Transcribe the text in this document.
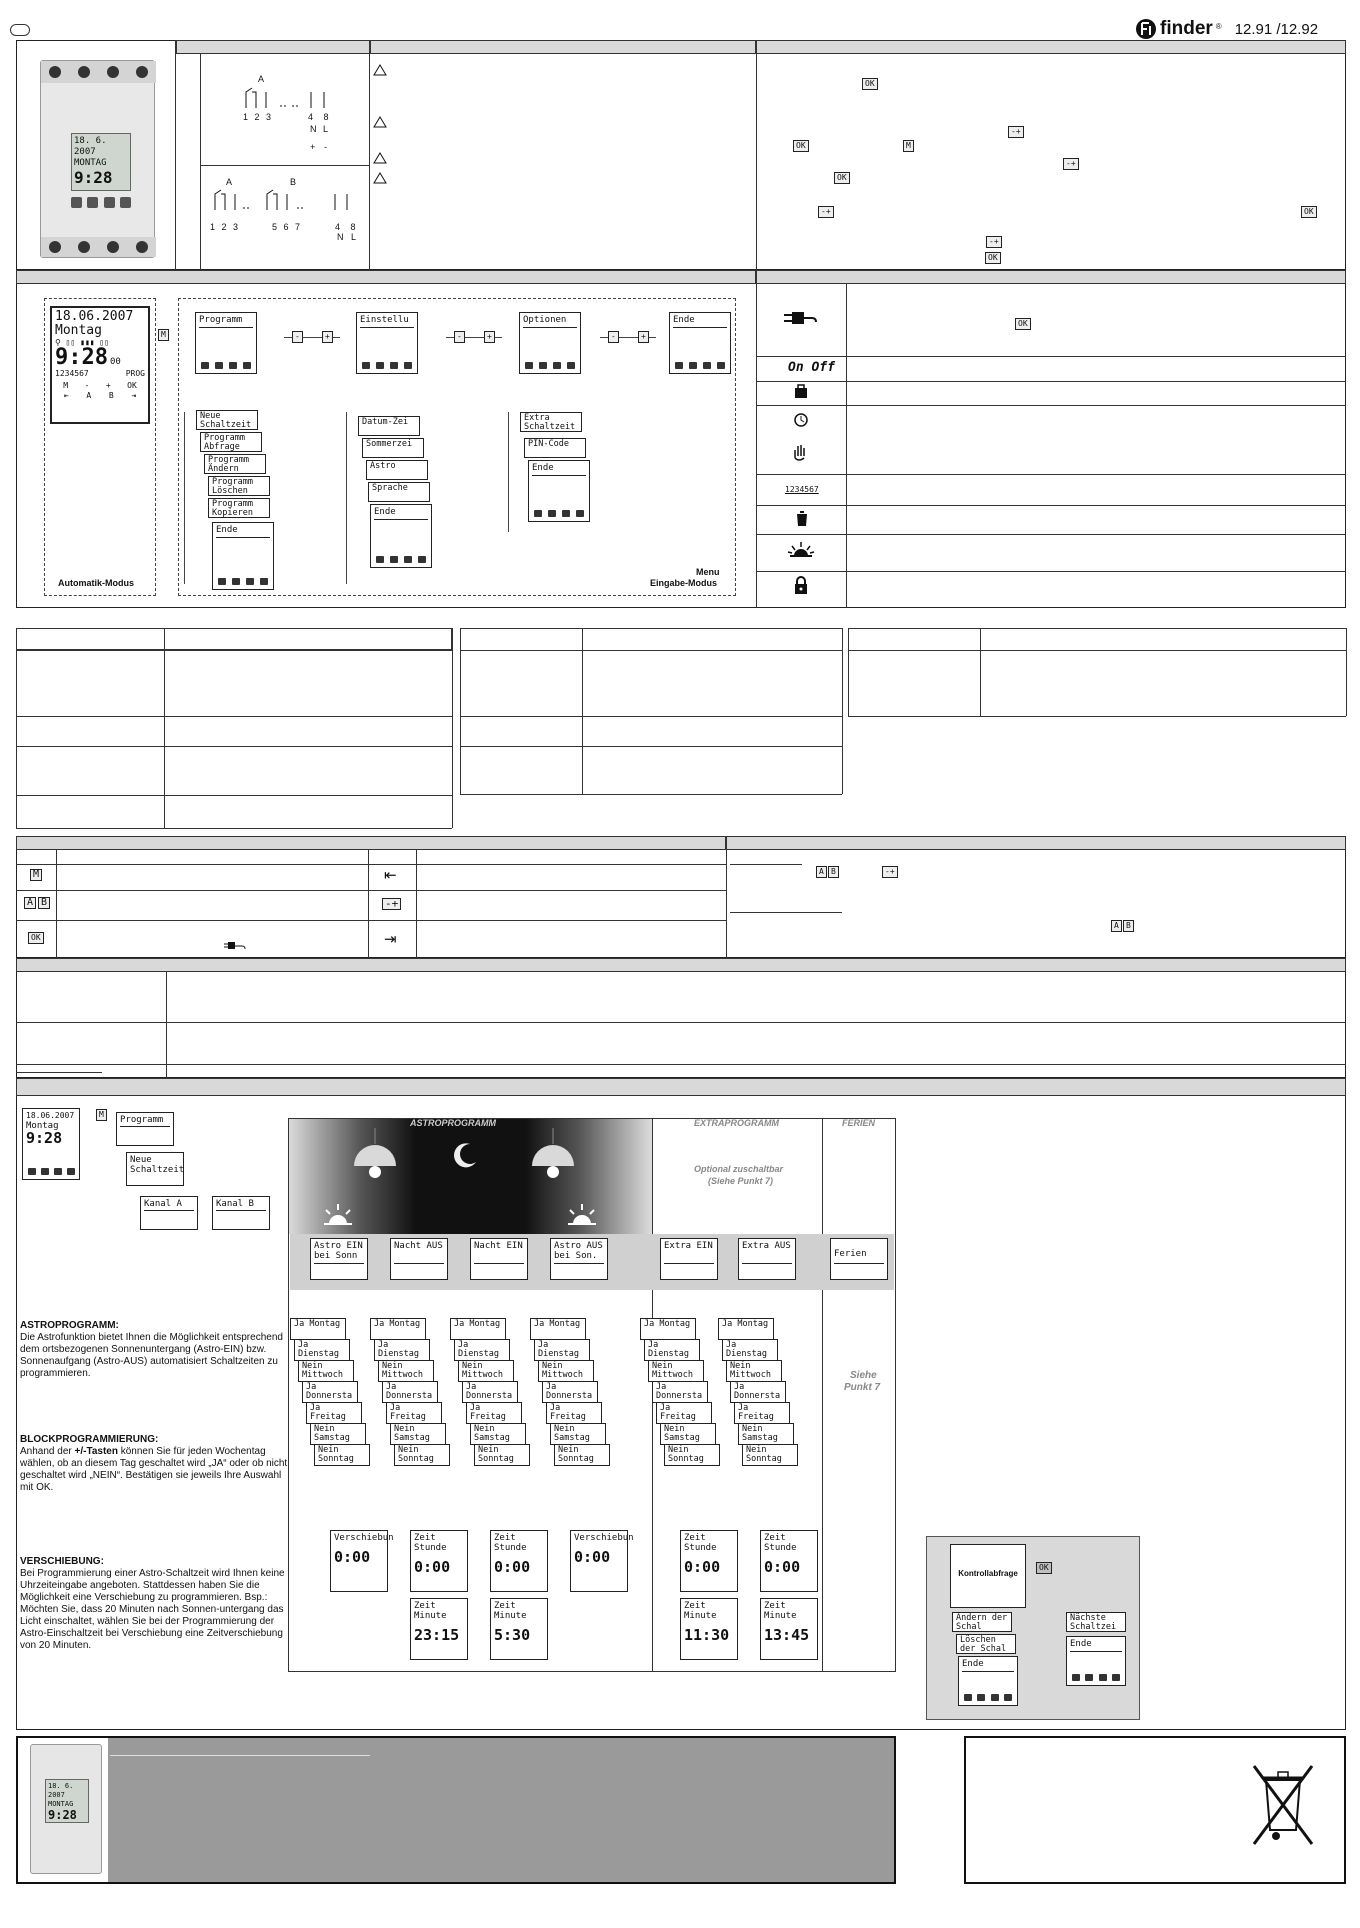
finder ® 12.91 /12.92
18. 6. 2007
MONTAG
9:28
A
1 2 3	4 8
N L
+ -
A	B
1 2 3	5 6 7	4 8
N L
OK
-+
OK	M
-+
OK
-+	OK
-+
OK
18.06.2007
Montag
⚲ ▯▯ ▮▮▮ ▯▯
9:28 00
1234567	PROG
M - + OK
⇤ A B ⇥
Automatik-Modus
M
Menu
Eingabe-Modus
Programm	Einstellu	Optionen	Ende
-	+	-	+	-	+
Neue Schaltzeit
Programm Abfrage
Programm Ändern
Programm Löschen
Programm Kopieren
Ende
Datum-Zei
Sommerzei
Astro
Sprache
Ende
Extra Schaltzeit
PIN-Code
Ende
OK
On Off
1234567
M
A B
OK
⇤
-+
⇥
A B	-+
A B
18.06.2007
Montag
9:28
M
Programm
Neue Schaltzeit
Kanal A	Kanal B
ASTROPROGRAMM	EXTRAPROGRAMM	FERIEN
Optional zuschaltbar
(Siehe Punkt 7)
Astro EIN bei Sonn
Nacht AUS	Nacht EIN	Astro AUS bei Son.
Extra EIN	Extra AUS
Ferien
Ja Montag
Ja Dienstag
Nein Mittwoch
Ja Donnersta
Ja Freitag
Nein Samstag
Nein Sonntag
Ja Montag
Ja Dienstag
Nein Mittwoch
Ja Donnersta
Ja Freitag
Nein Samstag
Nein Sonntag
Ja Montag
Ja Dienstag
Nein Mittwoch
Ja Donnersta
Ja Freitag
Nein Samstag
Nein Sonntag
Ja Montag
Ja Dienstag
Nein Mittwoch
Ja Donnersta
Ja Freitag
Nein Samstag
Nein Sonntag
Ja Montag
Ja Dienstag
Nein Mittwoch
Ja Donnersta
Ja Freitag
Nein Samstag
Nein Sonntag
Ja Montag
Ja Dienstag
Nein Mittwoch
Ja Donnersta
Ja Freitag
Nein Samstag
Nein Sonntag
Siehe
Punkt 7
Verschiebun
0:00
Zeit Stunde
0:00
Zeit Minute
23:15
Zeit Stunde
0:00
Zeit Minute
5:30
Verschiebun
0:00
Zeit Stunde
0:00
Zeit Minute
11:30
Zeit Stunde
0:00
Zeit Minute
13:45
ASTROPROGRAMM:
Die Astrofunktion bietet Ihnen die Möglichkeit entsprechend dem ortsbezogenen Sonnenuntergang (Astro-EIN) bzw. Sonnenaufgang (Astro-AUS) automatisiert Schaltzeiten zu programmieren.
BLOCKPROGRAMMIERUNG:
Anhand der +/-Tasten können Sie für jeden Wochentag wählen, ob an diesem Tag geschaltet wird „JA“ oder ob nicht geschaltet wird „NEIN“. Bestätigen sie jeweils Ihre Auswahl mit OK.
VERSCHIEBUNG:
Bei Programmierung einer Astro-Schaltzeit wird Ihnen keine Uhrzeiteingabe angeboten. Stattdessen haben Sie die Möglichkeit eine Verschiebung zu programmieren. Bsp.: Möchten Sie, dass 20 Minuten nach Sonnen-untergang das Licht einschaltet, wählen Sie bei der Programmierung der Astro-Einschaltzeit bei Verschiebung eine Zeitverschiebung von 20 Minuten.
Kontrollabfrage
OK
Ändern der Schal
Löschen der Schal
Ende
Nächste Schaltzei
Ende
18. 6. 2007
MONTAG
9:28
